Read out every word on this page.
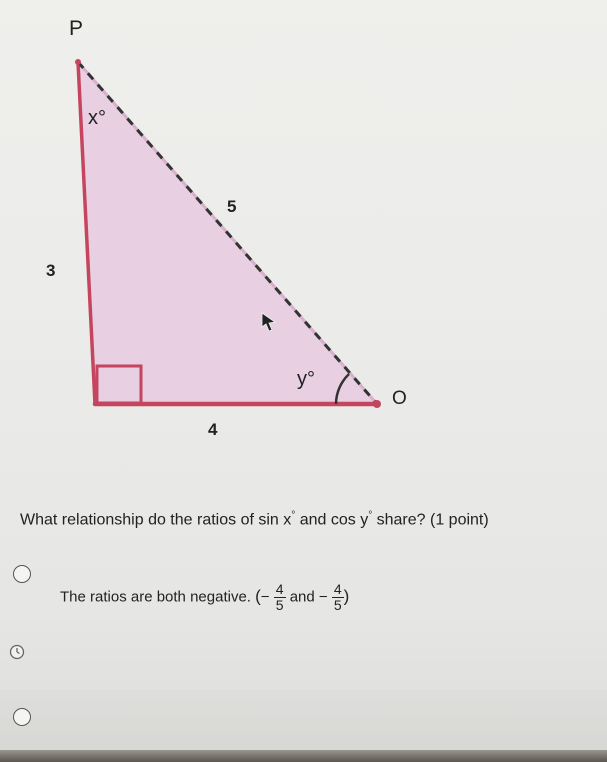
P
O
x°
y°
3
4
5
What relationship do the ratios of sin x° and cos y° share? (1 point)
The ratios are both negative. (− $\frac{4}{5}$ and − $\frac{4}{5}$ )
